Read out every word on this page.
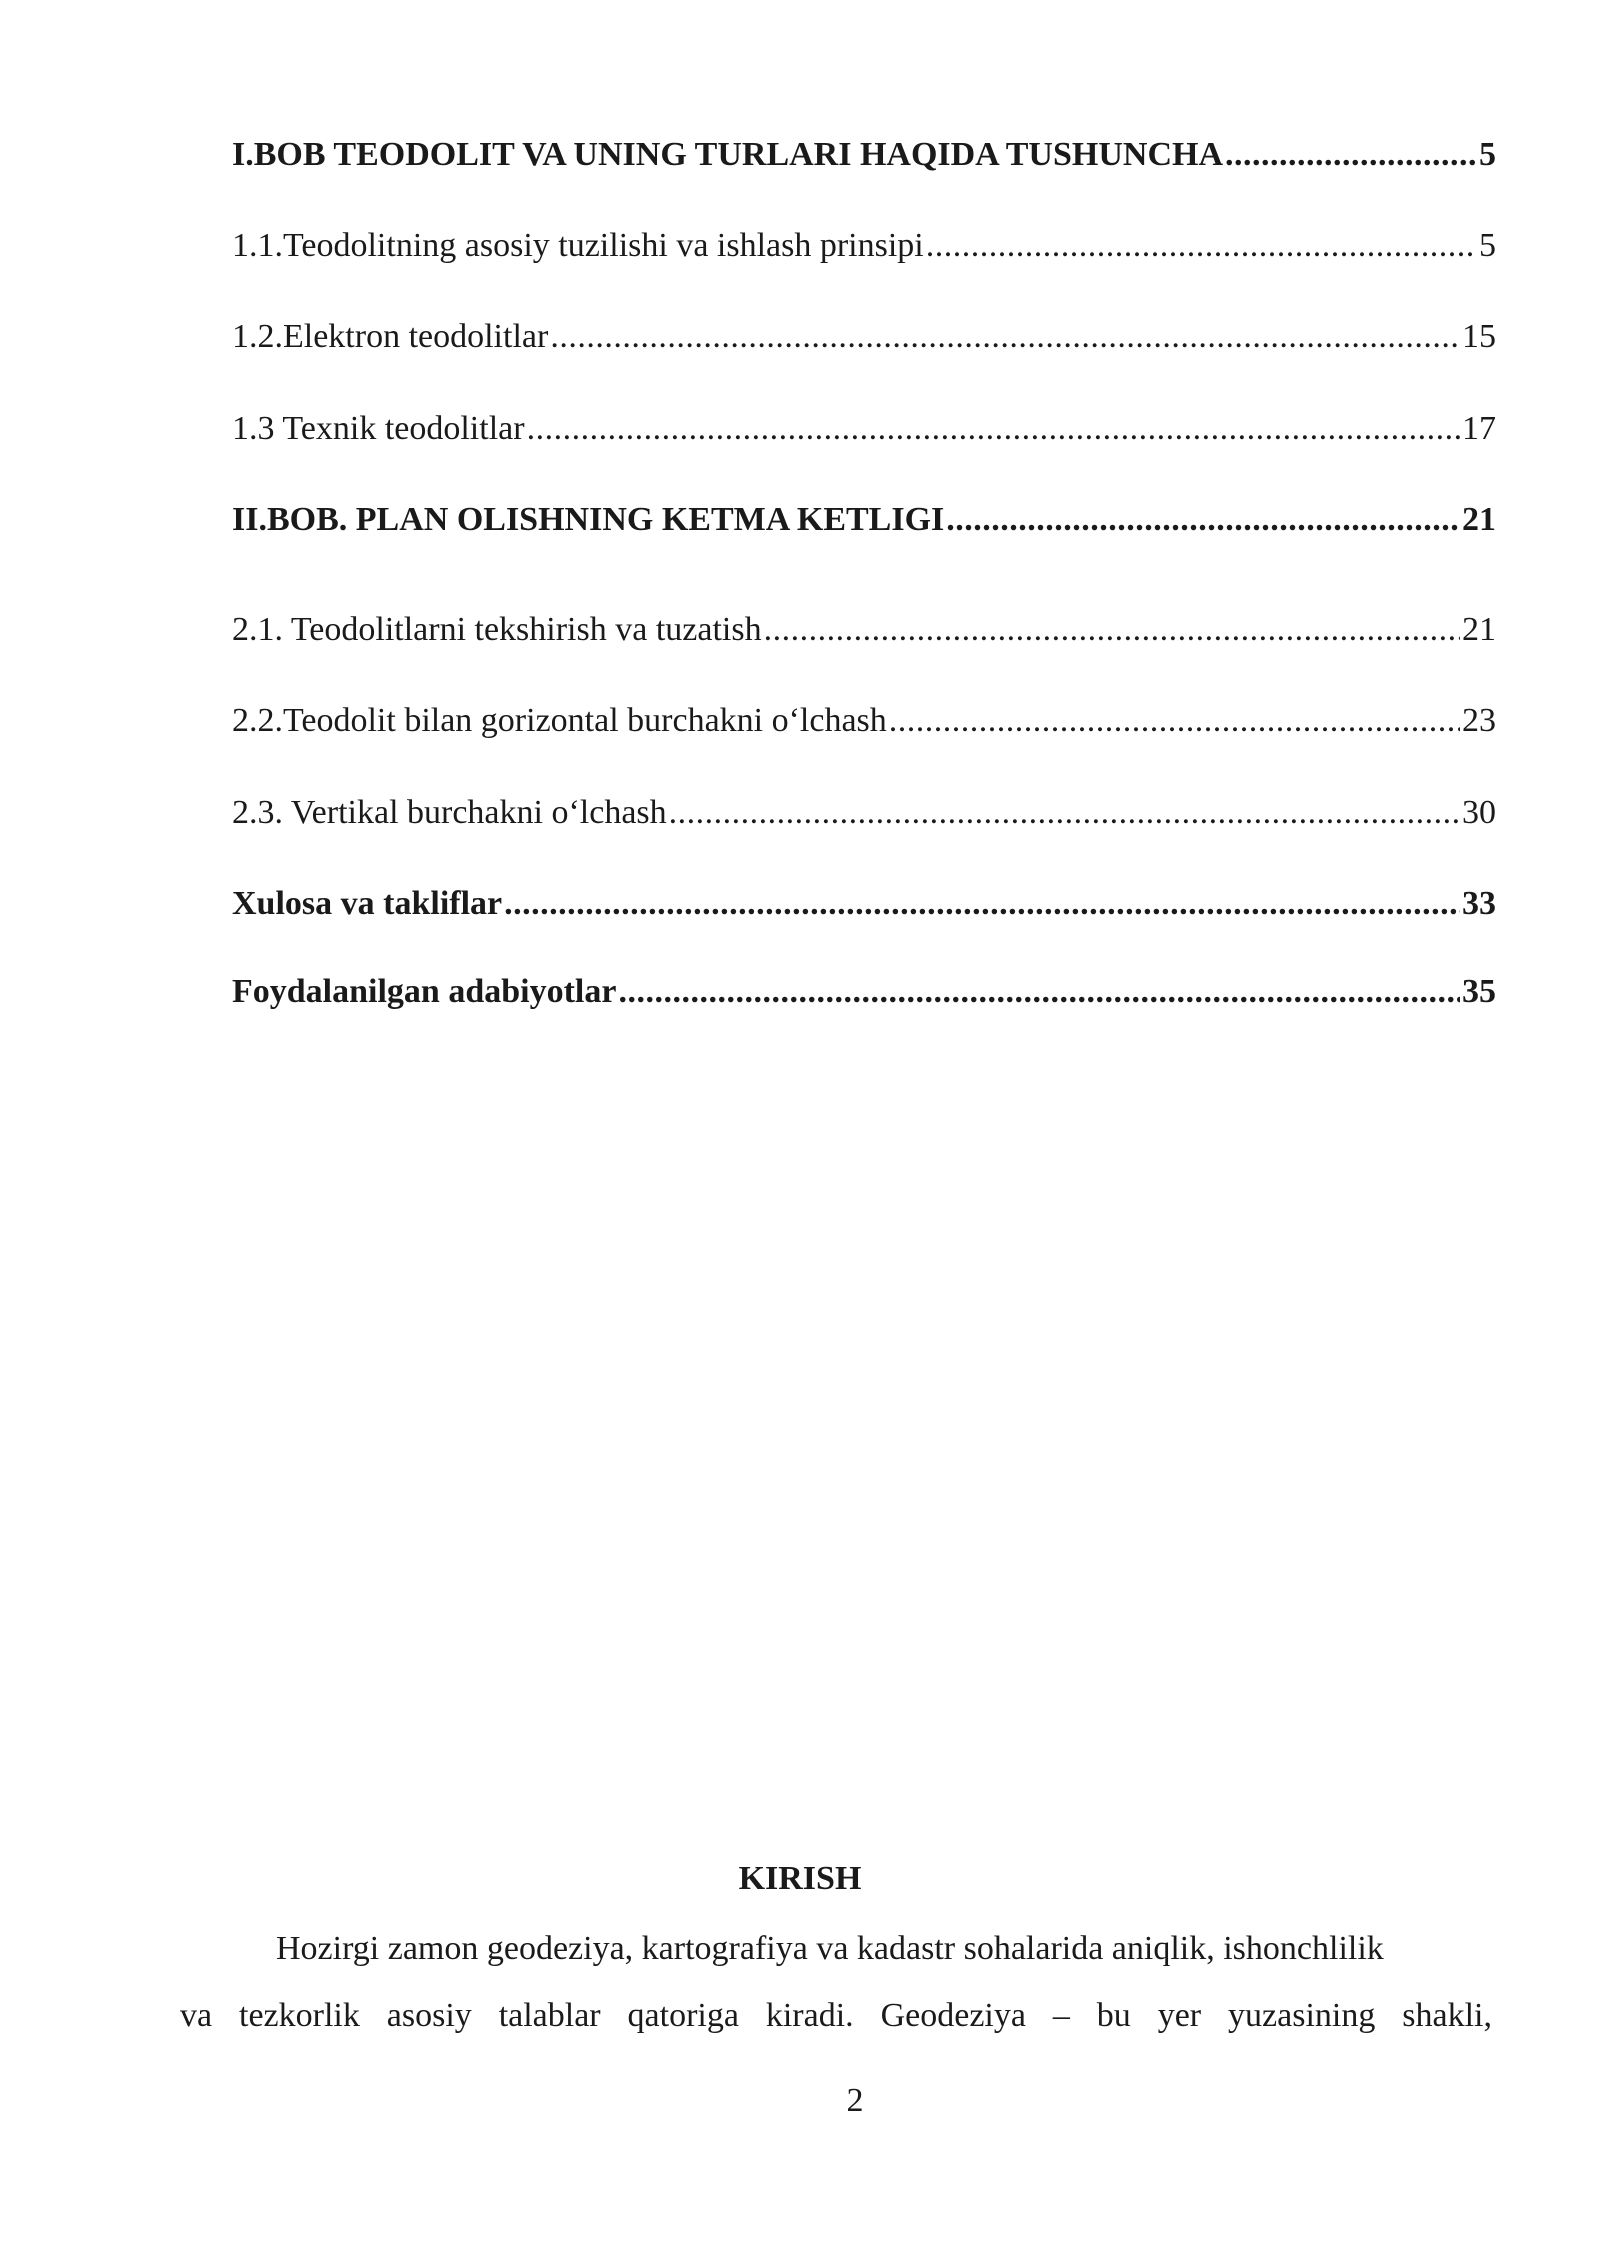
I.BOB TEODOLIT VA UNING TURLARI HAQIDA TUSHUNCHA .....	5
1.1.Teodolitning asosiy tuzilishi va ishlash prinsipi .....	5
1.2.Elektron teodolitlar .....	15
1.3 Texnik teodolitlar .....	17
II.BOB. PLAN OLISHNING KETMA KETLIGI .....	21
2.1. Teodolitlarni tekshirish va tuzatish .....	21
2.2.Teodolit bilan gorizontal burchakni o‘lchash .....	23
2.3. Vertikal burchakni o‘lchash .....	30
Xulosa va takliflar .....	33
Foydalanilgan adabiyotlar .....	35
KIRISH
Hozirgi zamon geodeziya, kartografiya va kadastr sohalarida aniqlik, ishonchlilik
va tezkorlik asosiy talablar qatoriga kiradi. Geodeziya – bu yer yuzasining shakli,
2
